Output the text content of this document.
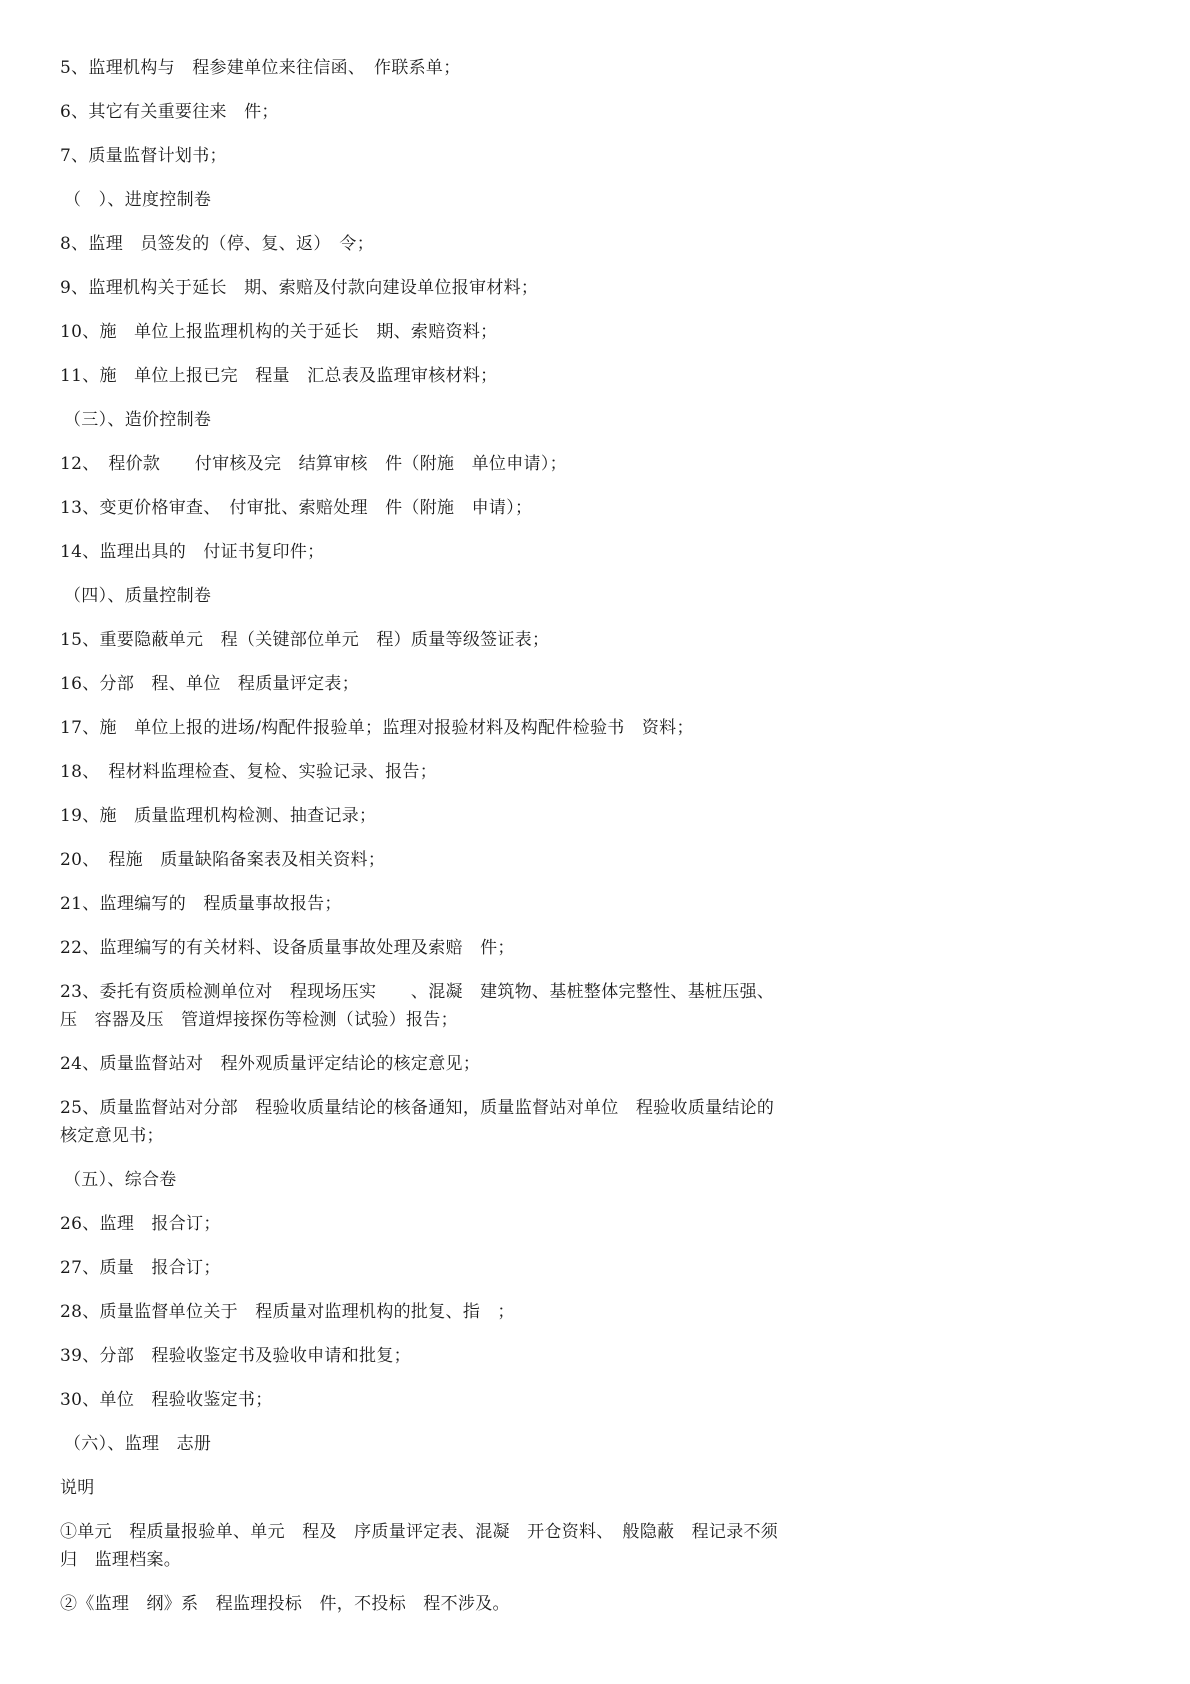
5、监理机构与　程参建单位来往信函、　作联系单；

6、其它有关重要往来　件；

7、质量监督计划书；

（　）、进度控制卷

8、监理　员签发的（停、复、返）　令；

9、监理机构关于延长　期、索赔及付款向建设单位报审材料；

10、施　单位上报监理机构的关于延长　期、索赔资料；

11、施　单位上报已完　程量　汇总表及监理审核材料；

（三）、造价控制卷

12、　程价款　　付审核及完　结算审核　件（附施　单位申请）；

13、变更价格审查、　付审批、索赔处理　件（附施　申请）；

14、监理出具的　付证书复印件；

（四）、质量控制卷

15、重要隐蔽单元　程（关键部位单元　程）质量等级签证表；

16、分部　程、单位　程质量评定表；

17、施　单位上报的进场/构配件报验单；监理对报验材料及构配件检验书　资料；

18、　程材料监理检查、复检、实验记录、报告；

19、施　质量监理机构检测、抽查记录；

20、　程施　质量缺陷备案表及相关资料；

21、监理编写的　程质量事故报告；

22、监理编写的有关材料、设备质量事故处理及索赔　件；

23、委托有资质检测单位对　程现场压实　　、混凝　建筑物、基桩整体完整性、基桩压强、
压　容器及压　管道焊接探伤等检测（试验）报告；

24、质量监督站对　程外观质量评定结论的核定意见；

25、质量监督站对分部　程验收质量结论的核备通知，质量监督站对单位　程验收质量结论的
核定意见书；

（五）、综合卷

26、监理　报合订；

27、质量　报合订；

28、质量监督单位关于　程质量对监理机构的批复、指　；

39、分部　程验收鉴定书及验收申请和批复；

30、单位　程验收鉴定书；

（六）、监理　志册

说明

①单元　程质量报验单、单元　程及　序质量评定表、混凝　开仓资料、　般隐蔽　程记录不须
归　监理档案。

②《监理　纲》系　程监理投标　件，不投标　程不涉及。
